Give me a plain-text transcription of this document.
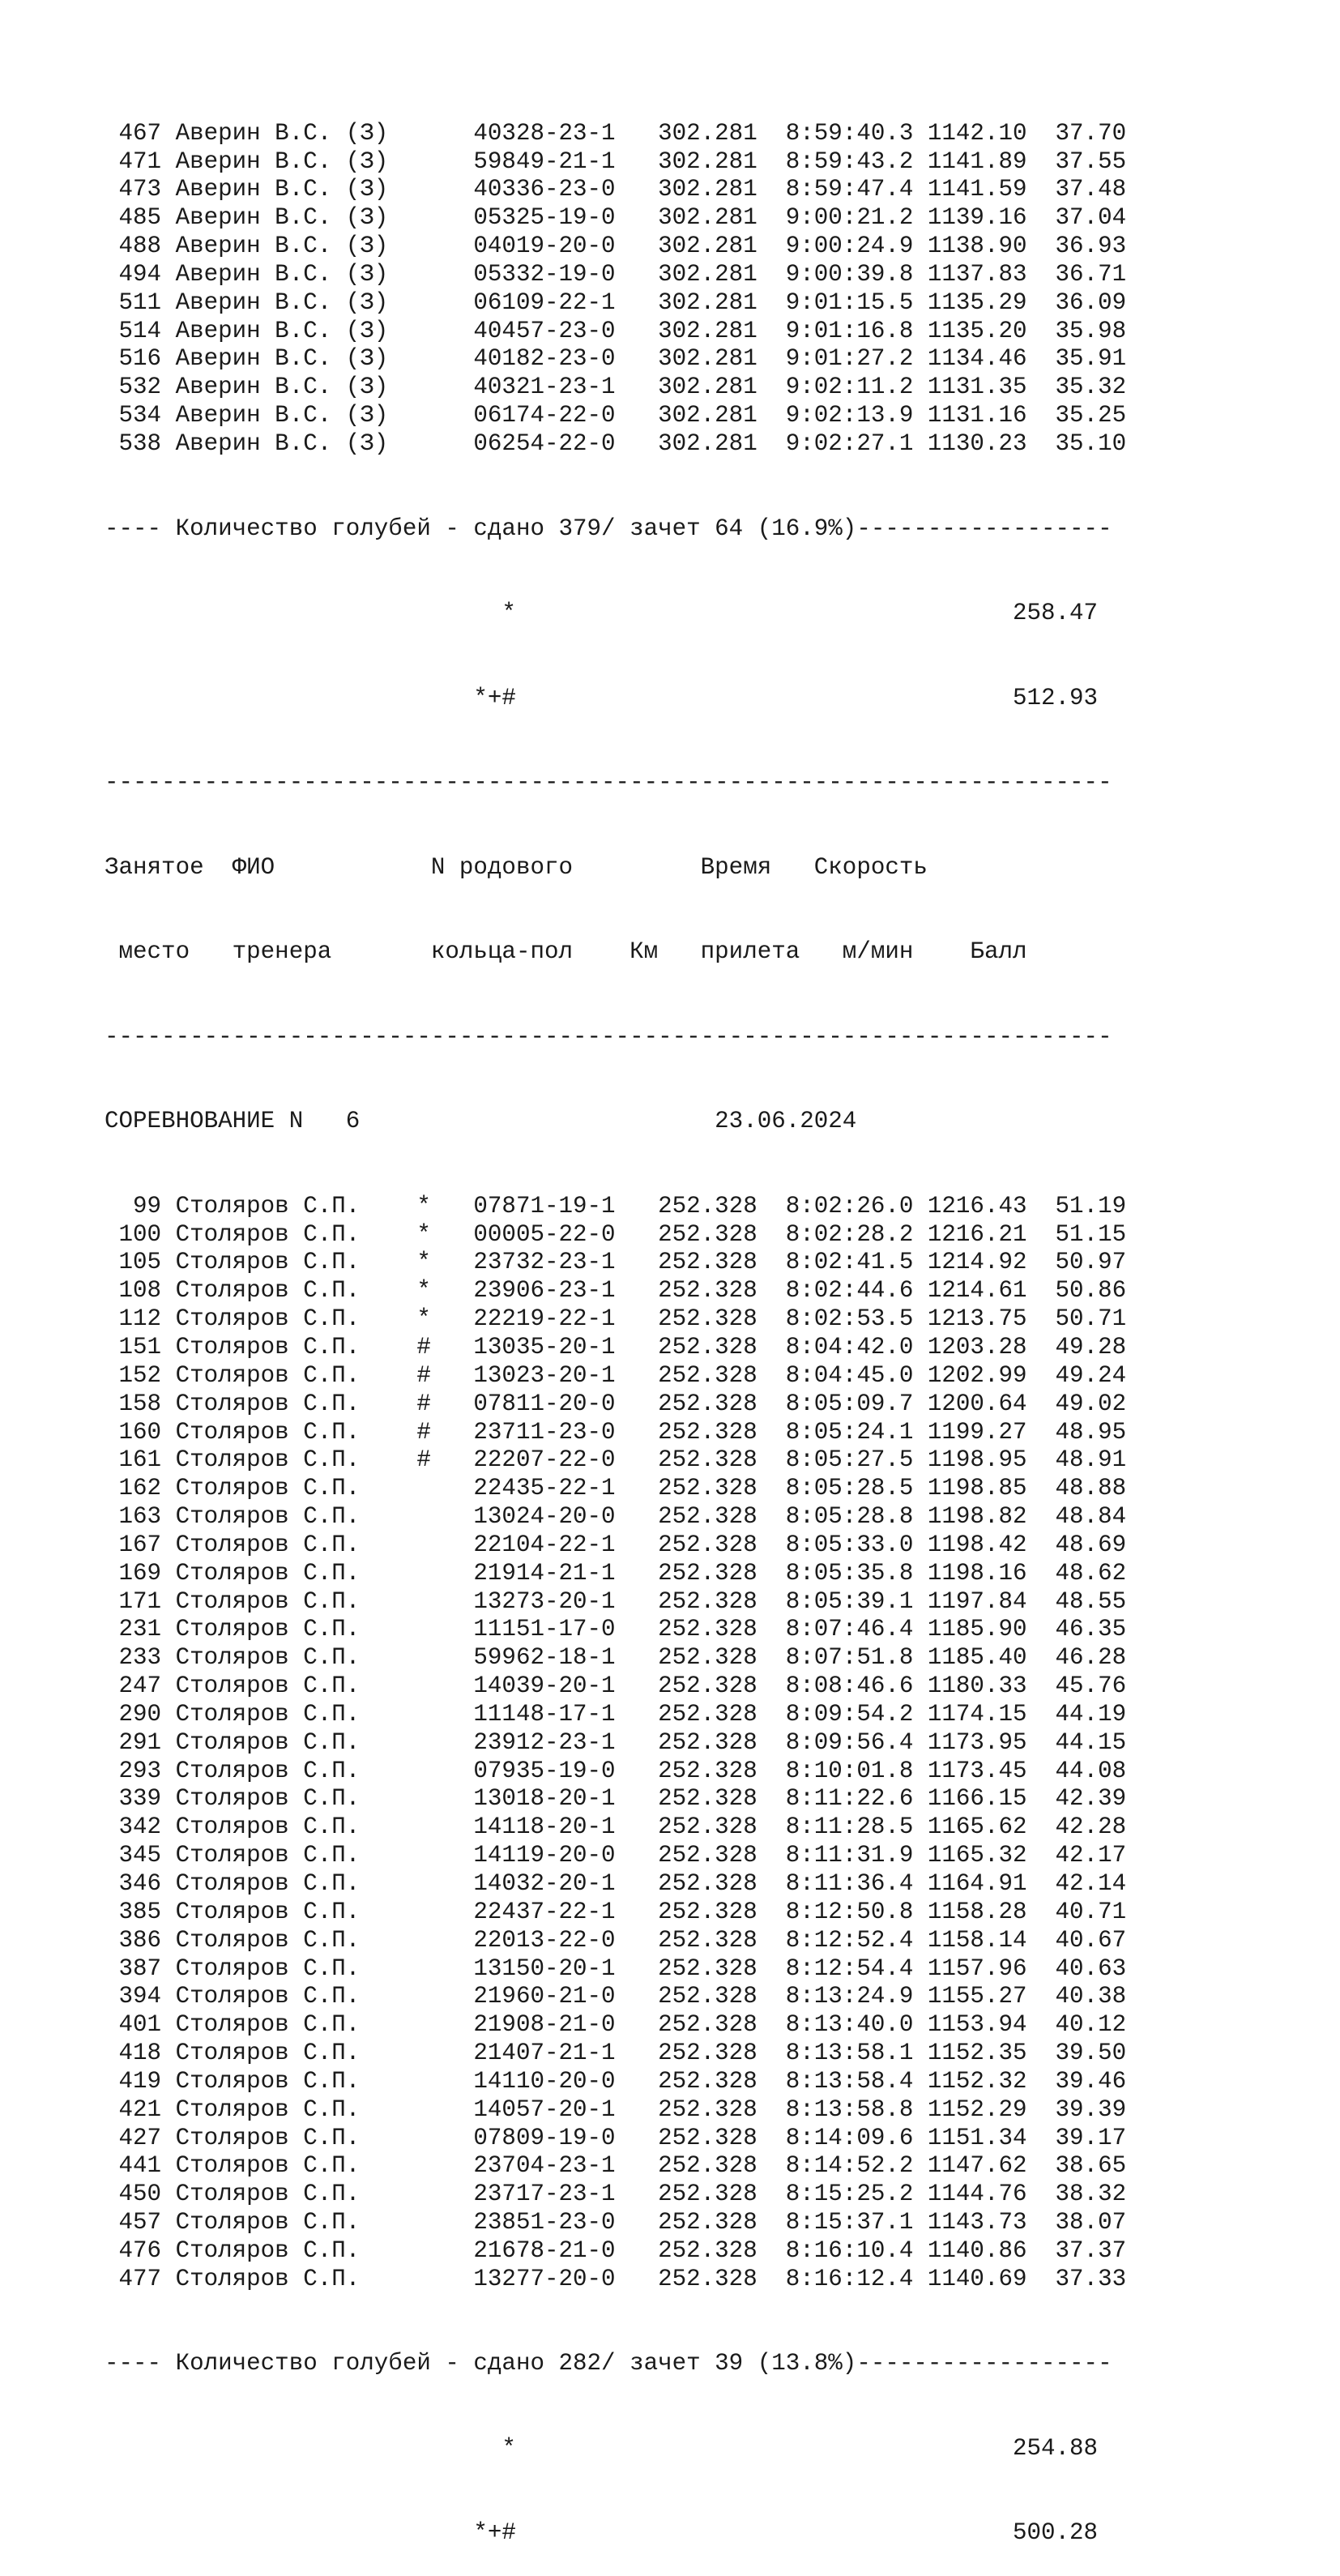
467 Аверин В.С. (З)      40328-23-1   302.281  8:59:40.3 1142.10  37.70
471 Аверин В.С. (З)      59849-21-1   302.281  8:59:43.2 1141.89  37.55
473 Аверин В.С. (З)      40336-23-0   302.281  8:59:47.4 1141.59  37.48
485 Аверин В.С. (З)      05325-19-0   302.281  9:00:21.2 1139.16  37.04
488 Аверин В.С. (З)      04019-20-0   302.281  9:00:24.9 1138.90  36.93
494 Аверин В.С. (З)      05332-19-0   302.281  9:00:39.8 1137.83  36.71
511 Аверин В.С. (З)      06109-22-1   302.281  9:01:15.5 1135.29  36.09
514 Аверин В.С. (З)      40457-23-0   302.281  9:01:16.8 1135.20  35.98
516 Аверин В.С. (З)      40182-23-0   302.281  9:01:27.2 1134.46  35.91
532 Аверин В.С. (З)      40321-23-1   302.281  9:02:11.2 1131.35  35.32
534 Аверин В.С. (З)      06174-22-0   302.281  9:02:13.9 1131.16  35.25
538 Аверин В.С. (З)      06254-22-0   302.281  9:02:27.1 1130.23  35.10

---- Количество голубей - сдано 379/ зачет 64 (16.9%)------------------

*                                   258.47

*+#                                   512.93

-----------------------------------------------------------------------

Занятое  ФИО           N родового         Время   Скорость

место   тренера       кольца-пол    Км   прилета   м/мин    Балл

-----------------------------------------------------------------------

СОРЕВНОВАНИЕ N   6                         23.06.2024

99 Столяров С.П.    *   07871-19-1   252.328  8:02:26.0 1216.43  51.19
100 Столяров С.П.    *   00005-22-0   252.328  8:02:28.2 1216.21  51.15
105 Столяров С.П.    *   23732-23-1   252.328  8:02:41.5 1214.92  50.97
108 Столяров С.П.    *   23906-23-1   252.328  8:02:44.6 1214.61  50.86
112 Столяров С.П.    *   22219-22-1   252.328  8:02:53.5 1213.75  50.71
151 Столяров С.П.    #   13035-20-1   252.328  8:04:42.0 1203.28  49.28
152 Столяров С.П.    #   13023-20-1   252.328  8:04:45.0 1202.99  49.24
158 Столяров С.П.    #   07811-20-0   252.328  8:05:09.7 1200.64  49.02
160 Столяров С.П.    #   23711-23-0   252.328  8:05:24.1 1199.27  48.95
161 Столяров С.П.    #   22207-22-0   252.328  8:05:27.5 1198.95  48.91
162 Столяров С.П.        22435-22-1   252.328  8:05:28.5 1198.85  48.88
163 Столяров С.П.        13024-20-0   252.328  8:05:28.8 1198.82  48.84
167 Столяров С.П.        22104-22-1   252.328  8:05:33.0 1198.42  48.69
169 Столяров С.П.        21914-21-1   252.328  8:05:35.8 1198.16  48.62
171 Столяров С.П.        13273-20-1   252.328  8:05:39.1 1197.84  48.55
231 Столяров С.П.        11151-17-0   252.328  8:07:46.4 1185.90  46.35
233 Столяров С.П.        59962-18-1   252.328  8:07:51.8 1185.40  46.28
247 Столяров С.П.        14039-20-1   252.328  8:08:46.6 1180.33  45.76
290 Столяров С.П.        11148-17-1   252.328  8:09:54.2 1174.15  44.19
291 Столяров С.П.        23912-23-1   252.328  8:09:56.4 1173.95  44.15
293 Столяров С.П.        07935-19-0   252.328  8:10:01.8 1173.45  44.08
339 Столяров С.П.        13018-20-1   252.328  8:11:22.6 1166.15  42.39
342 Столяров С.П.        14118-20-1   252.328  8:11:28.5 1165.62  42.28
345 Столяров С.П.        14119-20-0   252.328  8:11:31.9 1165.32  42.17
346 Столяров С.П.        14032-20-1   252.328  8:11:36.4 1164.91  42.14
385 Столяров С.П.        22437-22-1   252.328  8:12:50.8 1158.28  40.71
386 Столяров С.П.        22013-22-0   252.328  8:12:52.4 1158.14  40.67
387 Столяров С.П.        13150-20-1   252.328  8:12:54.4 1157.96  40.63
394 Столяров С.П.        21960-21-0   252.328  8:13:24.9 1155.27  40.38
401 Столяров С.П.        21908-21-0   252.328  8:13:40.0 1153.94  40.12
418 Столяров С.П.        21407-21-1   252.328  8:13:58.1 1152.35  39.50
419 Столяров С.П.        14110-20-0   252.328  8:13:58.4 1152.32  39.46
421 Столяров С.П.        14057-20-1   252.328  8:13:58.8 1152.29  39.39
427 Столяров С.П.        07809-19-0   252.328  8:14:09.6 1151.34  39.17
441 Столяров С.П.        23704-23-1   252.328  8:14:52.2 1147.62  38.65
450 Столяров С.П.        23717-23-1   252.328  8:15:25.2 1144.76  38.32
457 Столяров С.П.        23851-23-0   252.328  8:15:37.1 1143.73  38.07
476 Столяров С.П.        21678-21-0   252.328  8:16:10.4 1140.86  37.37
477 Столяров С.П.        13277-20-0   252.328  8:16:12.4 1140.69  37.33

---- Количество голубей - сдано 282/ зачет 39 (13.8%)------------------

*                                   254.88

*+#                                   500.28
